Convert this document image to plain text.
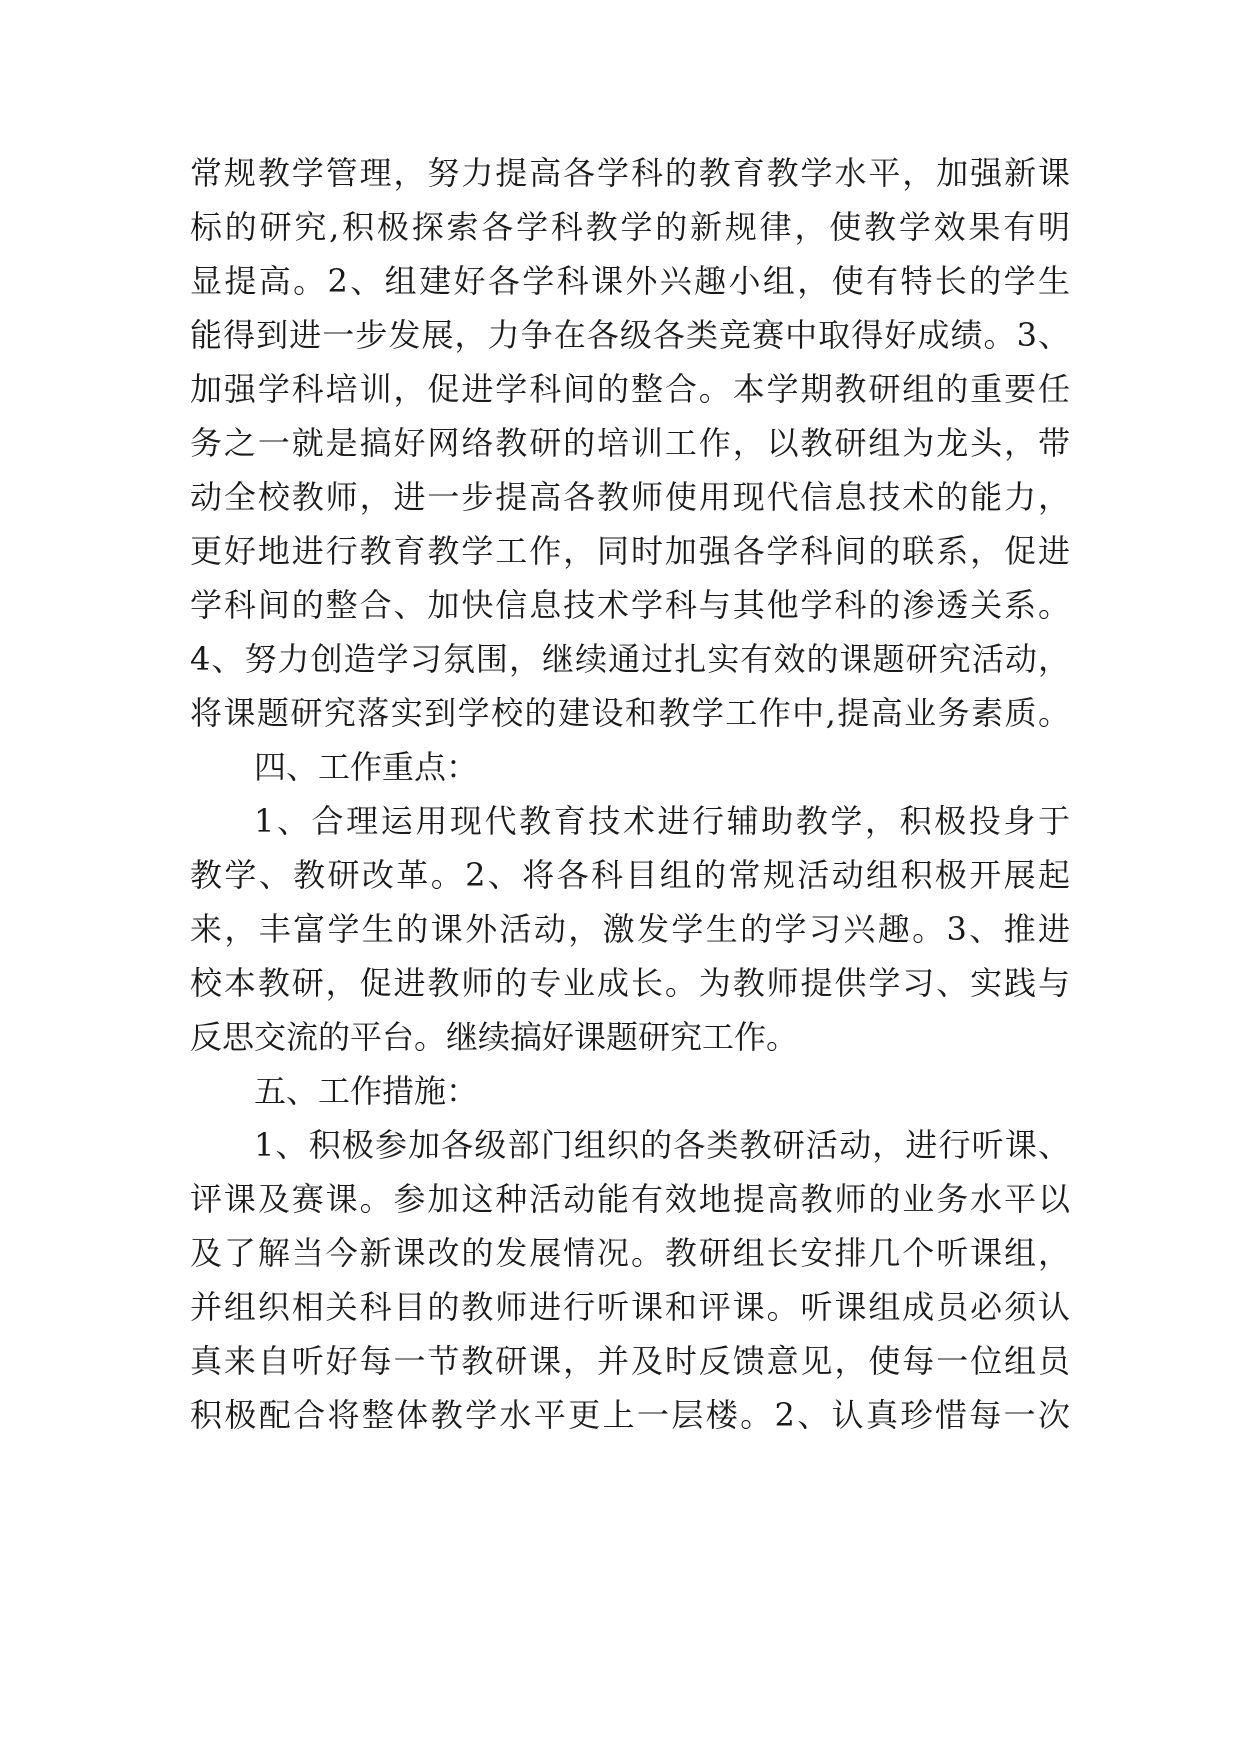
常规教学管理，努力提高各学科的教育教学水平，加强新课
标的研究,积极探索各学科教学的新规律，使教学效果有明
显提高。2、组建好各学科课外兴趣小组，使有特长的学生
能得到进一步发展，力争在各级各类竞赛中取得好成绩。3、
加强学科培训，促进学科间的整合。本学期教研组的重要任
务之一就是搞好网络教研的培训工作，以教研组为龙头，带
动全校教师，进一步提高各教师使用现代信息技术的能力，
更好地进行教育教学工作，同时加强各学科间的联系，促进
学科间的整合、加快信息技术学科与其他学科的渗透关系。
4、努力创造学习氛围，继续通过扎实有效的课题研究活动，
将课题研究落实到学校的建设和教学工作中,提高业务素质。
四、工作重点：
1、合理运用现代教育技术进行辅助教学，积极投身于
教学、教研改革。2、将各科目组的常规活动组积极开展起
来，丰富学生的课外活动，激发学生的学习兴趣。3、推进
校本教研，促进教师的专业成长。为教师提供学习、实践与
反思交流的平台。继续搞好课题研究工作。
五、工作措施：
1、积极参加各级部门组织的各类教研活动，进行听课、
评课及赛课。参加这种活动能有效地提高教师的业务水平以
及了解当今新课改的发展情况。教研组长安排几个听课组，
并组织相关科目的教师进行听课和评课。听课组成员必须认
真来自听好每一节教研课，并及时反馈意见，使每一位组员
积极配合将整体教学水平更上一层楼。2、认真珍惜每一次
